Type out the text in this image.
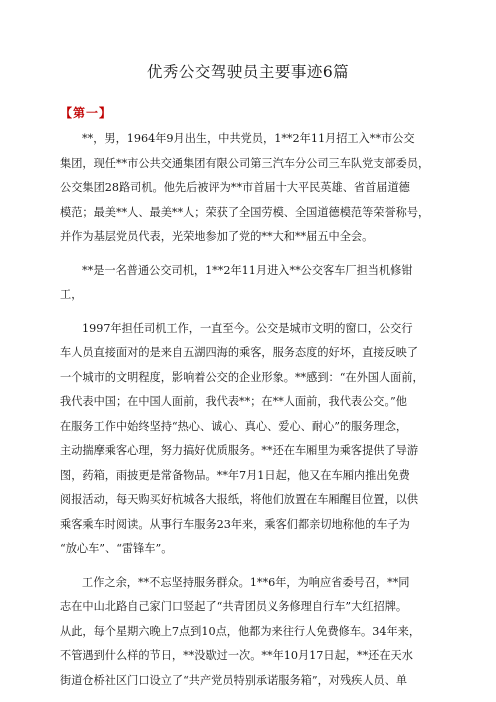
优秀公交驾驶员主要事迹6篇
【第一】
**，男，1964年9月出生，中共党员，1**2年11月招工入**市公交
集团，现任**市公共交通集团有限公司第三汽车分公司三车队党支部委员，
公交集团28路司机。他先后被评为**市首届十大平民英雄、省首届道德
模范；最美**人、最美**人；荣获了全国劳模、全国道德模范等荣誉称号，
并作为基层党员代表，光荣地参加了党的**大和**届五中全会。
**是一名普通公交司机，1**2年11月进入**公交客车厂担当机修钳
工，
1997年担任司机工作，一直至今。公交是城市文明的窗口，公交行
车人员直接面对的是来自五湖四海的乘客，服务态度的好坏，直接反映了
一个城市的文明程度，影响着公交的企业形象。**感到：“在外国人面前，
我代表中国；在中国人面前，我代表**；在**人面前，我代表公交。”他
在服务工作中始终坚持“热心、诚心、真心、爱心、耐心”的服务理念，
主动揣摩乘客心理，努力搞好优质服务。**还在车厢里为乘客提供了导游
图，药箱，雨披更是常备物品。**年7月1日起，他又在车厢内推出免费
阅报活动，每天购买好杭城各大报纸，将他们放置在车厢醒目位置，以供
乘客乘车时阅读。从事行车服务23年来，乘客们都亲切地称他的车子为
“放心车”、“雷锋车”。
工作之余，**不忘坚持服务群众。1**6年，为响应省委号召，**同
志在中山北路自己家门口竖起了“共青团员义务修理自行车”大红招牌。
从此，每个星期六晚上7点到10点，他都为来往行人免费修车。34年来，
不管遇到什么样的节日，**没歇过一次。**年10月17日起，**还在天水
街道仓桥社区门口设立了“共产党员特别承诺服务箱”，对残疾人员、单
